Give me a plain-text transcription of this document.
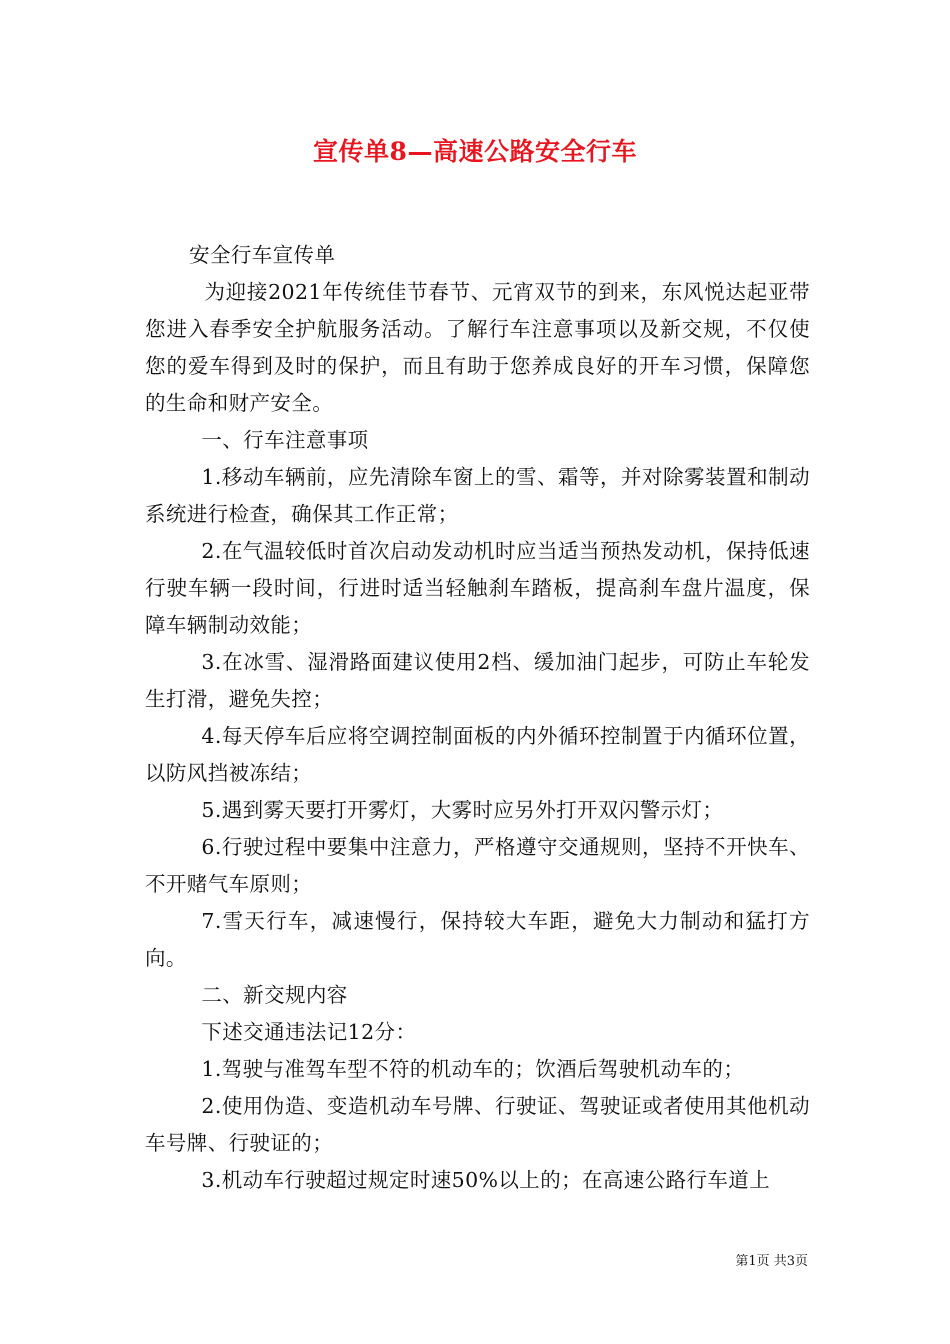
宣传单8—高速公路安全行车

安全行车宣传单

为迎接2021年传统佳节春节、元宵双节的到来，东风悦达起亚带您进入春季安全护航服务活动。了解行车注意事项以及新交规，不仅使您的爱车得到及时的保护，而且有助于您养成良好的开车习惯，保障您的生命和财产安全。

一、行车注意事项

1.移动车辆前，应先清除车窗上的雪、霜等，并对除雾装置和制动系统进行检查，确保其工作正常；

2.在气温较低时首次启动发动机时应当适当预热发动机，保持低速行驶车辆一段时间，行进时适当轻触刹车踏板，提高刹车盘片温度，保障车辆制动效能；

3.在冰雪、湿滑路面建议使用2档、缓加油门起步，可防止车轮发生打滑，避免失控；

4.每天停车后应将空调控制面板的内外循环控制置于内循环位置，以防风挡被冻结；

5.遇到雾天要打开雾灯，大雾时应另外打开双闪警示灯；

6.行驶过程中要集中注意力，严格遵守交通规则，坚持不开快车、不开赌气车原则；

7.雪天行车，减速慢行，保持较大车距，避免大力制动和猛打方向。

二、新交规内容

下述交通违法记12分：

1.驾驶与准驾车型不符的机动车的；饮酒后驾驶机动车的；

2.使用伪造、变造机动车号牌、行驶证、驾驶证或者使用其他机动车号牌、行驶证的；

3.机动车行驶超过规定时速50%以上的；在高速公路行车道上

第1页 共3页
